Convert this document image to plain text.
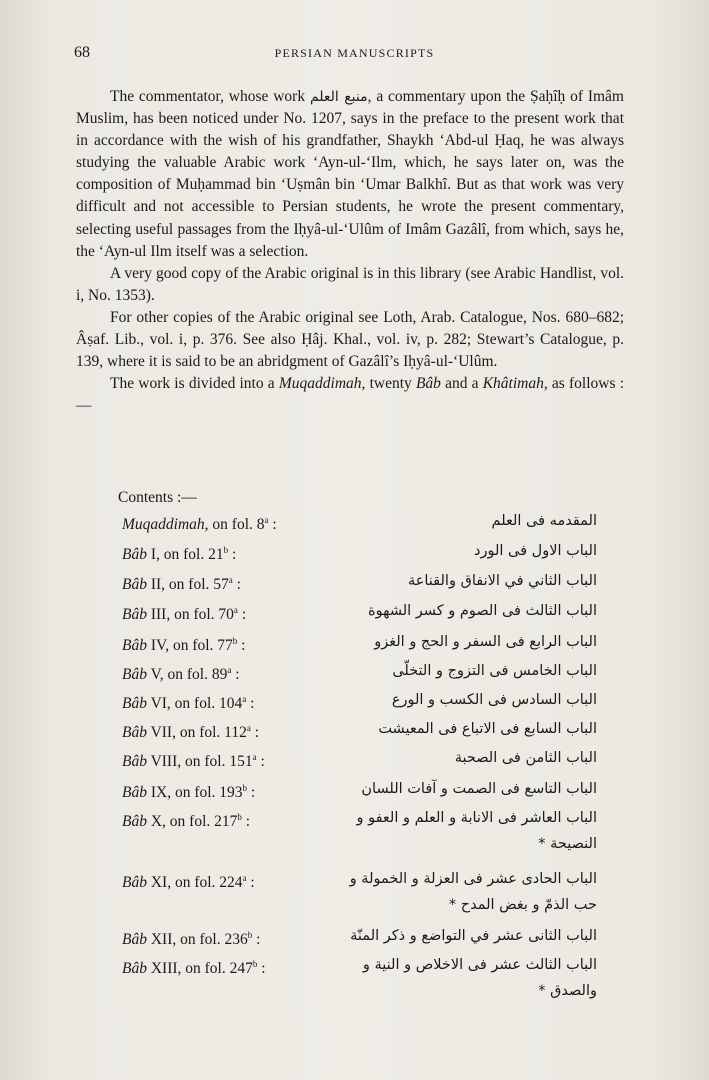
68	PERSIAN MANUSCRIPTS

The commentator, whose work منبع العلم, a commentary upon the Ṣaḥîḥ of Imâm Muslim, has been noticed under No. 1207, says in the preface to the present work that in accordance with the wish of his grandfather, Shaykh ‘Abd-ul Ḥaq, he was always studying the valuable Arabic work ‘Ayn-ul-‘Ilm, which, he says later on, was the composition of Muḥammad bin ‘Uṣmân bin ‘Umar Balkhî. But as that work was very difficult and not accessible to Persian students, he wrote the present commentary, selecting useful passages from the Iḥyâ-ul-‘Ulûm of Imâm Gazâlî, from which, says he, the ‘Ayn-ul Ilm itself was a selection.

A very good copy of the Arabic original is in this library (see Arabic Handlist, vol. i, No. 1353).

For other copies of the Arabic original see Loth, Arab. Catalogue, Nos. 680–682; Âṣaf. Lib., vol. i, p. 376. See also Ḥâj. Khal., vol. iv, p. 282; Stewart’s Catalogue, p. 139, where it is said to be an abridgment of Gazâlî’s Iḥyâ-ul-‘Ulûm.

The work is divided into a Muqaddimah, twenty Bâb and a Khâtimah, as follows :—

Contents :—
Muqaddimah, on fol. 8$^a$ :	المقدمه فى العلم
Bâb I, on fol. 21$^b$ :	الباب الاول فى الورد
Bâb II, on fol. 57$^a$ :	الباب الثاني في الانفاق والقناعة
Bâb III, on fol. 70$^a$ :	الباب الثالث فى الصوم و كسر الشهوة
Bâb IV, on fol. 77$^b$ :	الباب الرابع فى السفر و الحج و الغزو
Bâb V, on fol. 89$^a$ :	الباب الخامس فى التزوج و التخلّى
Bâb VI, on fol. 104$^a$ :	الباب السادس فى الكسب و الورع
Bâb VII, on fol. 112$^a$ :	الباب السابع فى الاتباع فى المعيشت
Bâb VIII, on fol. 151$^a$ :	الباب الثامن فى الصحبة
Bâb IX, on fol. 193$^b$ :	الباب التاسع فى الصمت و آفات اللسان
Bâb X, on fol. 217$^b$ :	الباب العاشر فى الانابة و العلم و العفو و
النصيحة *
Bâb XI, on fol. 224$^a$ :	الباب الحادى عشر فى العزلة و الخمولة و
حب الذمّ و بغض المدح *
Bâb XII, on fol. 236$^b$ :	الباب الثانى عشر في التواضع و ذكر المنّة
Bâb XIII, on fol. 247$^b$ :	الباب الثالث عشر فى الاخلاص و النية و
والصدق *
